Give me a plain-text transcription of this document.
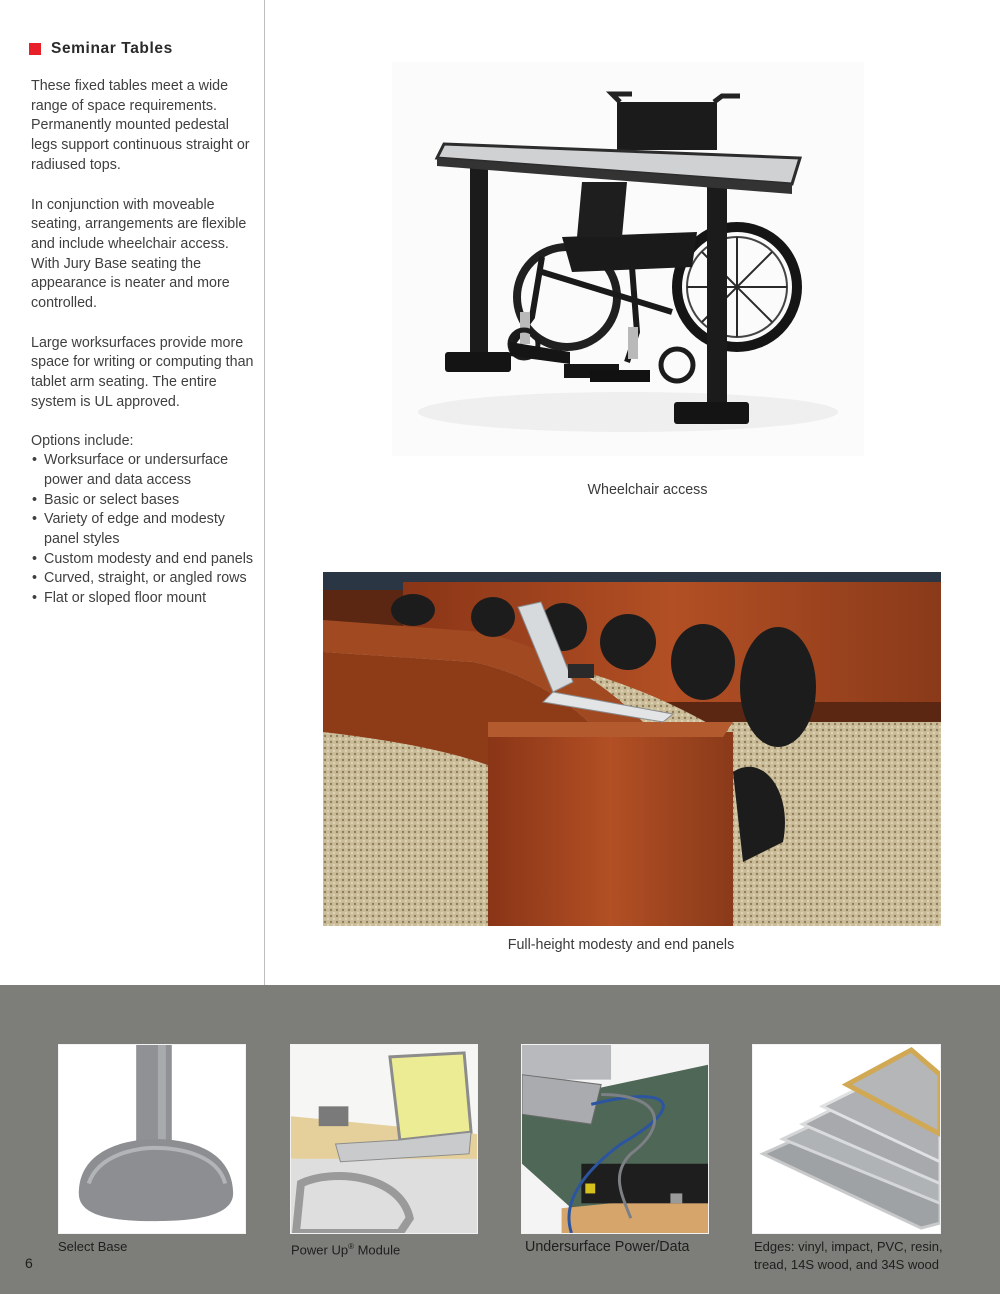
Seminar Tables

These fixed tables meet a wide range of space requirements. Permanently mounted pedestal legs support continuous straight or radiused tops.

In conjunction with moveable seating, arrangements are flexible and include wheelchair access. With Jury Base seating the appearance is neater and more controlled.

Large worksurfaces provide more space for writing or computing than tablet arm seating. The entire system is UL approved.

Options include:

• Worksurface or undersurface power and data access
• Basic or select bases
• Variety of edge and modesty panel styles
• Custom modesty and end panels
• Curved, straight, or angled rows
• Flat or sloped floor mount
Wheelchair access
Full-height modesty and end panels
Select Base	Power Up® Module	Undersurface Power/Data	Edges: vinyl, impact, PVC, resin,
tread, 14S wood, and 34S wood
6
